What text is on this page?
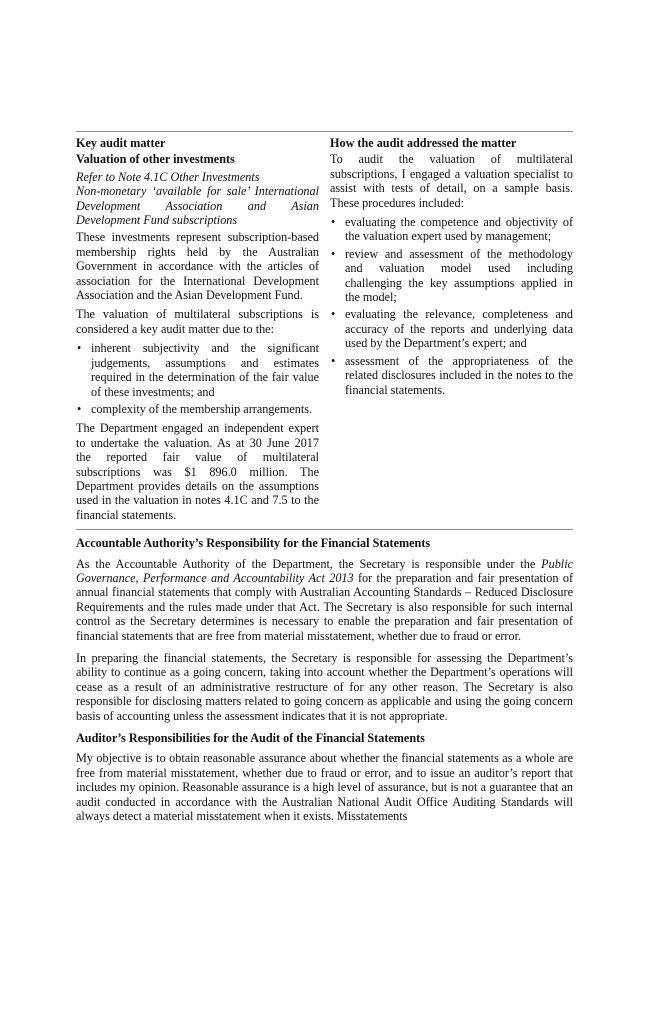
Key audit matter
Valuation of other investments

Refer to Note 4.1C Other Investments

Non-monetary ‘available for sale’ International Development Association and Asian Development Fund subscriptions

These investments represent subscription-based membership rights held by the Australian Government in accordance with the articles of association for the International Development Association and the Asian Development Fund.

The valuation of multilateral subscriptions is considered a key audit matter due to the:

• inherent subjectivity and the significant judgements, assumptions and estimates required in the determination of the fair value of these investments; and
• complexity of the membership arrangements.

The Department engaged an independent expert to undertake the valuation. As at 30 June 2017 the reported fair value of multilateral subscriptions was $1 896.0 million. The Department provides details on the assumptions used in the valuation in notes 4.1C and 7.5 to the financial statements.

How the audit addressed the matter

To audit the valuation of multilateral subscriptions, I engaged a valuation specialist to assist with tests of detail, on a sample basis. These procedures included:

• evaluating the competence and objectivity of the valuation expert used by management;
• review and assessment of the methodology and valuation model used including challenging the key assumptions applied in the model;
• evaluating the relevance, completeness and accuracy of the reports and underlying data used by the Department’s expert; and
• assessment of the appropriateness of the related disclosures included in the notes to the financial statements.
Accountable Authority’s Responsibility for the Financial Statements

As the Accountable Authority of the Department, the Secretary is responsible under the Public Governance, Performance and Accountability Act 2013 for the preparation and fair presentation of annual financial statements that comply with Australian Accounting Standards – Reduced Disclosure Requirements and the rules made under that Act. The Secretary is also responsible for such internal control as the Secretary determines is necessary to enable the preparation and fair presentation of financial statements that are free from material misstatement, whether due to fraud or error.

In preparing the financial statements, the Secretary is responsible for assessing the Department’s ability to continue as a going concern, taking into account whether the Department’s operations will cease as a result of an administrative restructure of for any other reason. The Secretary is also responsible for disclosing matters related to going concern as applicable and using the going concern basis of accounting unless the assessment indicates that it is not appropriate.

Auditor’s Responsibilities for the Audit of the Financial Statements

My objective is to obtain reasonable assurance about whether the financial statements as a whole are free from material misstatement, whether due to fraud or error, and to issue an auditor’s report that includes my opinion. Reasonable assurance is a high level of assurance, but is not a guarantee that an audit conducted in accordance with the Australian National Audit Office Auditing Standards will always detect a material misstatement when it exists. Misstatements
